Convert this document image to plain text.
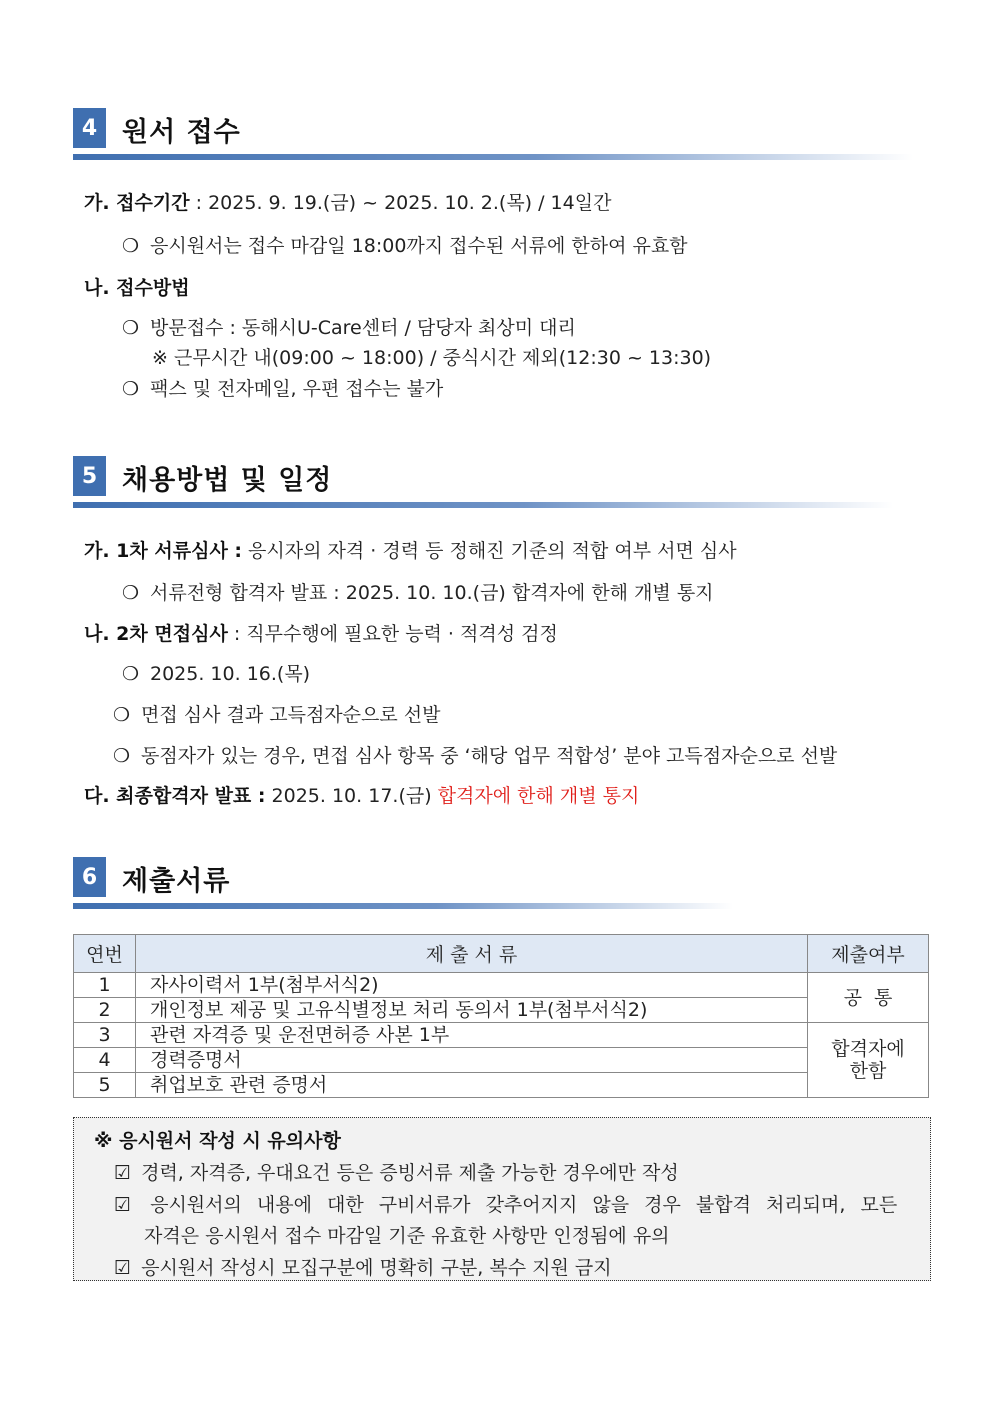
4 원서 접수
가. 접수기간 : 2025. 9. 19.(금) ~ 2025. 10. 2.(목) / 14일간
❍ 응시원서는 접수 마감일 18:00까지 접수된 서류에 한하여 유효함
나. 접수방법
❍ 방문접수 : 동해시U-Care센터 / 담당자 최상미 대리
※ 근무시간 내(09:00 ~ 18:00) / 중식시간 제외(12:30 ~ 13:30)
❍ 팩스 및 전자메일, 우편 접수는 불가
5 채용방법 및 일정
가. 1차 서류심사 : 응시자의 자격 · 경력 등 정해진 기준의 적합 여부 서면 심사
❍ 서류전형 합격자 발표 : 2025. 10. 10.(금) 합격자에 한해 개별 통지
나. 2차 면접심사 : 직무수행에 필요한 능력 · 적격성 검정
❍ 2025. 10. 16.(목)
❍ 면접 심사 결과 고득점자순으로 선발
❍ 동점자가 있는 경우, 면접 심사 항목 중 ‘해당 업무 적합성’ 분야 고득점자순으로 선발
다. 최종합격자 발표 : 2025. 10. 17.(금) 합격자에 한해 개별 통지
6 제출서류
연번	제 출 서 류	제출여부
1	자사이력서 1부(첨부서식2)	공  통
2	개인정보 제공 및 고유식별정보 처리 동의서 1부(첨부서식2)	
3	관련 자격증 및 운전면허증 사본 1부	합격자에
한함

4	경력증명서	
5	취업보호 관련 증명서	
※ 응시원서 작성 시 유의사항
☑ 경력, 자격증, 우대요건 등은 증빙서류 제출 가능한 경우에만 작성
☑ 응시원서의 내용에 대한 구비서류가 갖추어지지 않을 경우 불합격 처리되며, 모든
자격은 응시원서 접수 마감일 기준 유효한 사항만 인정됨에 유의
☑ 응시원서 작성시 모집구분에 명확히 구분, 복수 지원 금지
